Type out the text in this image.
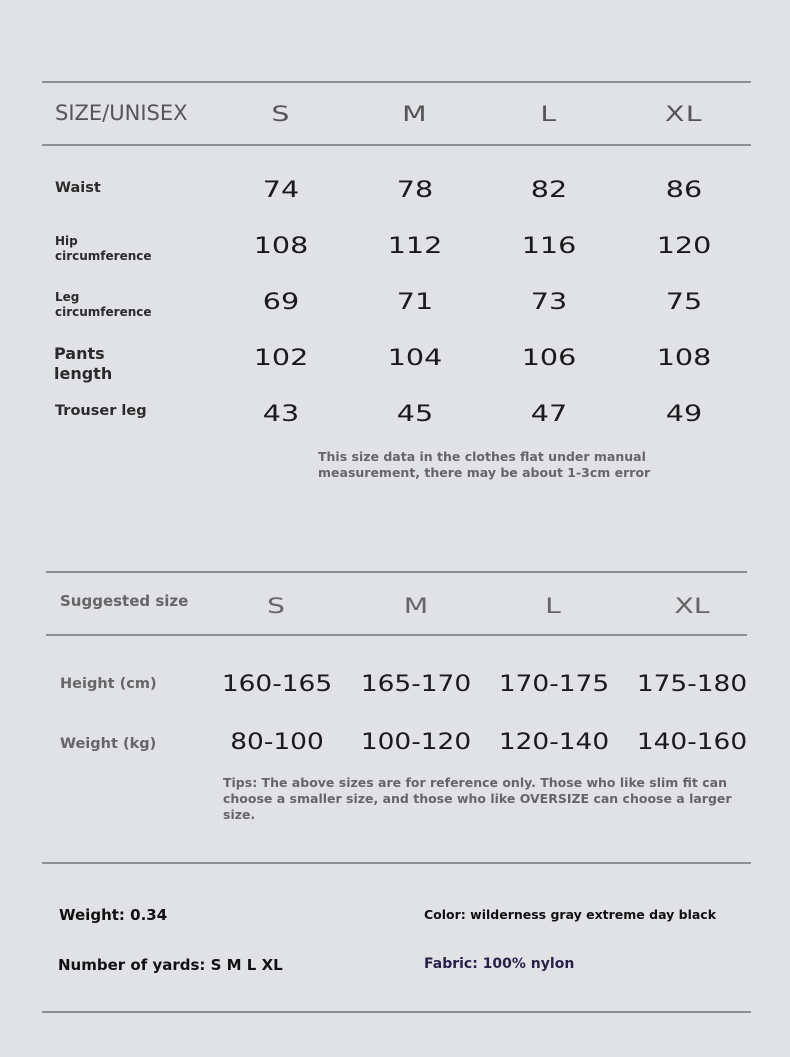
SIZE/UNISEX	S	M	L	XL
Waist	74	78	82	86
Hip
circumference	108	112	116	120
Leg
circumference	69	71	73	75
Pants
length
102	104	106	108
Trouser leg	43	45	47	49
This size data in the clothes flat under manual measurement, there may be about 1-3cm error
Suggested size	S	M	L	XL
Height (cm)	160-165	165-170	170-175	175-180
Weight (kg)	80-100	100-120	120-140	140-160
Tips: The above sizes are for reference only. Those who like slim fit can choose a smaller size, and those who like OVERSIZE can choose a larger size.
Weight: 0.34
Number of yards: S M L XL
Color: wilderness gray extreme day black
Fabric: 100% nylon
